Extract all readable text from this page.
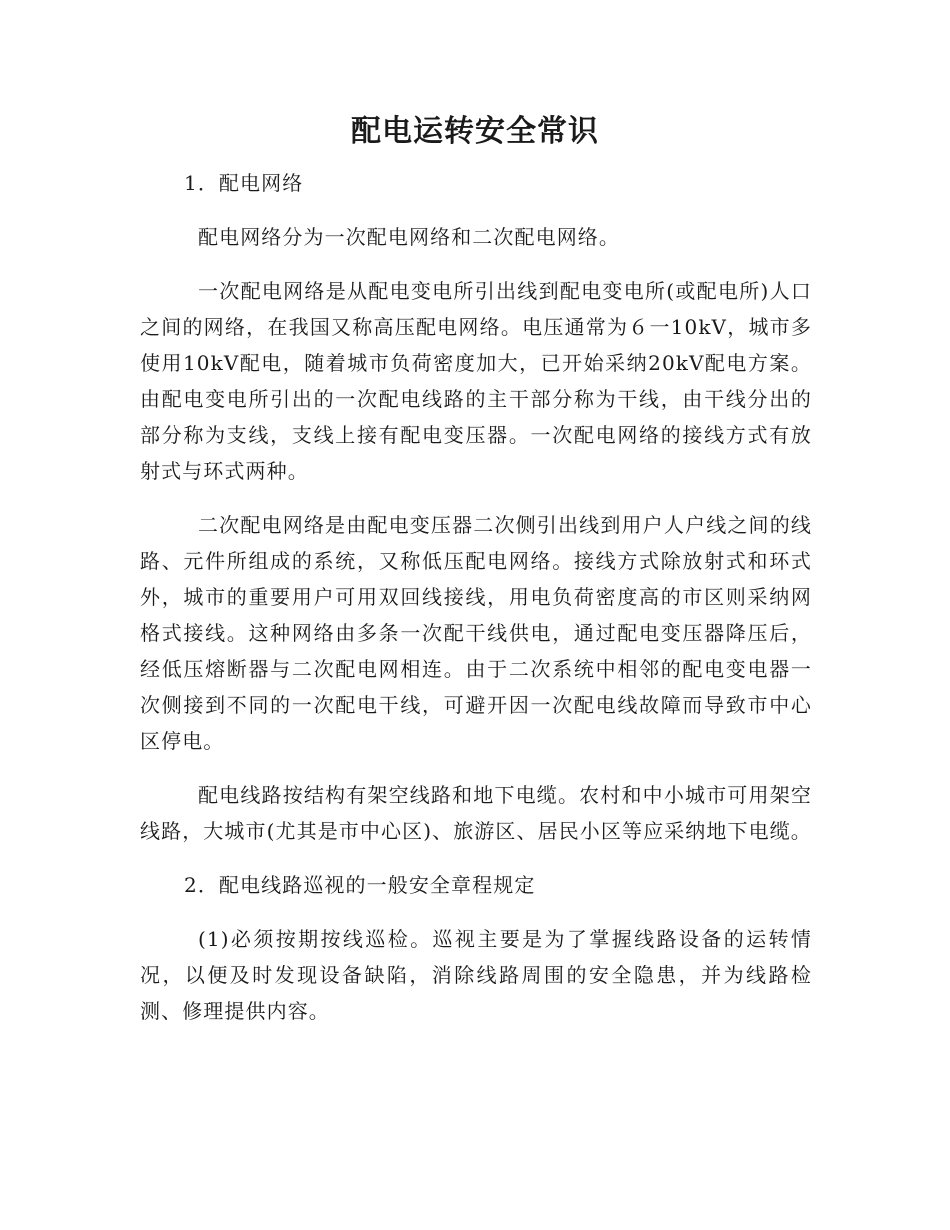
配电运转安全常识
1．配电网络

配电网络分为一次配电网络和二次配电网络。

一次配电网络是从配电变电所引出线到配电变电所(或配电所)人口之间的网络，在我国又称高压配电网络。电压通常为６一10kV，城市多使用10kV配电，随着城市负荷密度加大，已开始采纳20kV配电方案。由配电变电所引出的一次配电线路的主干部分称为干线，由干线分出的部分称为支线，支线上接有配电变压器。一次配电网络的接线方式有放射式与环式两种。

二次配电网络是由配电变压器二次侧引出线到用户人户线之间的线路、元件所组成的系统，又称低压配电网络。接线方式除放射式和环式外，城市的重要用户可用双回线接线，用电负荷密度高的市区则采纳网格式接线。这种网络由多条一次配干线供电，通过配电变压器降压后，经低压熔断器与二次配电网相连。由于二次系统中相邻的配电变电器一次侧接到不同的一次配电干线，可避开因一次配电线故障而导致市中心区停电。

配电线路按结构有架空线路和地下电缆。农村和中小城市可用架空线路，大城市(尤其是市中心区)、旅游区、居民小区等应采纳地下电缆。

2．配电线路巡视的一般安全章程规定

(1)必须按期按线巡检。巡视主要是为了掌握线路设备的运转情况，以便及时发现设备缺陷，消除线路周围的安全隐患，并为线路检测、修理提供内容。
